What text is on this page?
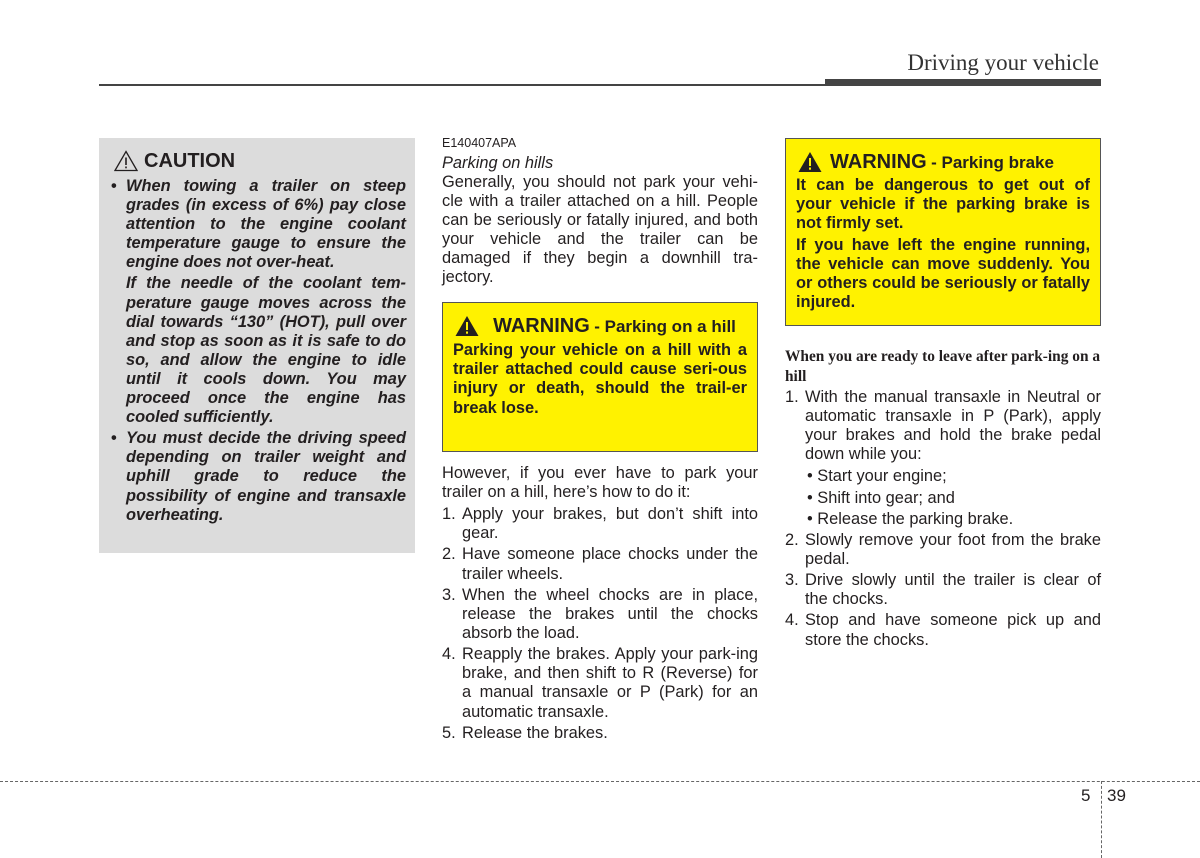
Driving your vehicle
CAUTION
• When towing a trailer on steep grades (in excess of 6%) pay close attention to the engine coolant temperature gauge to ensure the engine does not over-heat.

If the needle of the coolant tem-perature gauge moves across the dial towards “130” (HOT), pull over and stop as soon as it is safe to do so, and allow the engine to idle until it cools down. You may proceed once the engine has cooled sufficiently.

• You must decide the driving speed depending on trailer weight and uphill grade to reduce the possibility of engine and transaxle overheating.

E140407APA
Parking on hills

Generally, you should not park your vehi-cle with a trailer attached on a hill. People can be seriously or fatally injured, and both your vehicle and the trailer can be damaged if they begin a downhill tra-jectory.

WARNING - Parking on a hill

Parking your vehicle on a hill with a trailer attached could cause seri-ous injury or death, should the trail-er break lose.

However, if you ever have to park your trailer on a hill, here’s how to do it:

1. Apply your brakes, but don’t shift into gear.
2. Have someone place chocks under the trailer wheels.
3. When the wheel chocks are in place, release the brakes until the chocks absorb the load.
4. Reapply the brakes. Apply your park-ing brake, and then shift to R (Reverse) for a manual transaxle or P (Park) for an automatic transaxle.
5. Release the brakes.
WARNING - Parking brake

It can be dangerous to get out of your vehicle if the parking brake is not firmly set.

If you have left the engine running, the vehicle can move suddenly. You or others could be seriously or fatally injured.

When you are ready to leave after park-ing on a hill
1. With the manual transaxle in Neutral or automatic transaxle in P (Park), apply your brakes and hold the brake pedal down while you:
• Start your engine;
• Shift into gear; and
• Release the parking brake.
2. Slowly remove your foot from the brake pedal.
3. Drive slowly until the trailer is clear of the chocks.
4. Stop and have someone pick up and store the chocks.
5 39
